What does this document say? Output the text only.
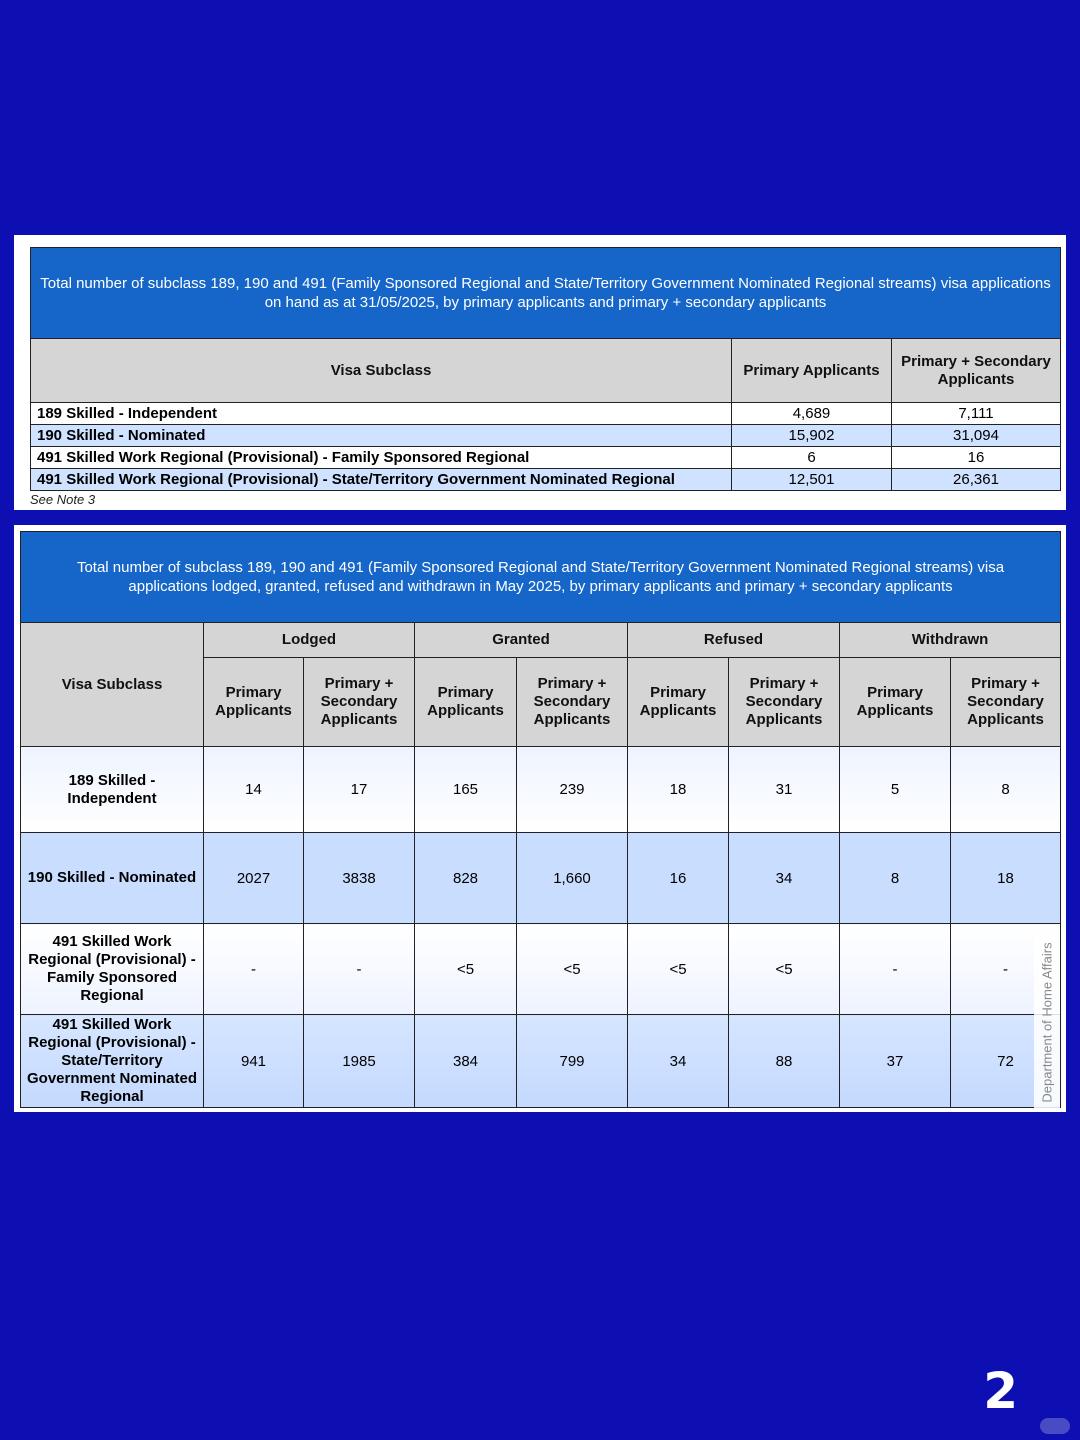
Total number of subclass 189, 190 and 491 (Family Sponsored Regional and State/Territory Government Nominated Regional streams) visa applications on hand as at 31/05/2025, by primary applicants and primary + secondary applicants		
Visa Subclass	Primary Applicants	Primary + Secondary Applicants
189 Skilled - Independent	4,689	7,111
190 Skilled - Nominated	15,902	31,094
491 Skilled Work Regional (Provisional) - Family Sponsored Regional	6	16
491 Skilled Work Regional (Provisional) - State/Territory Government Nominated Regional	12,501	26,361
See Note 3
Total number of subclass 189, 190 and 491 (Family Sponsored Regional and State/Territory Government Nominated Regional streams) visa applications lodged, granted, refused and withdrawn in May 2025, by primary applicants and primary + secondary applicants								
Visa Subclass	Lodged		Granted		Refused		Withdrawn	
	Primary Applicants	Primary + Secondary Applicants	Primary Applicants	Primary + Secondary Applicants	Primary Applicants	Primary + Secondary Applicants	Primary Applicants	Primary + Secondary Applicants
189 Skilled - Independent	14	17	165	239	18	31	5	8
190 Skilled - Nominated	2027	3838	828	1,660	16	34	8	18
491 Skilled Work Regional (Provisional) - Family Sponsored Regional	-	-	<5	<5	<5	<5	-	-
491 Skilled Work Regional (Provisional) - State/Territory Government Nominated Regional	941	1985	384	799	34	88	37	72 Department of Home Affairs
2
